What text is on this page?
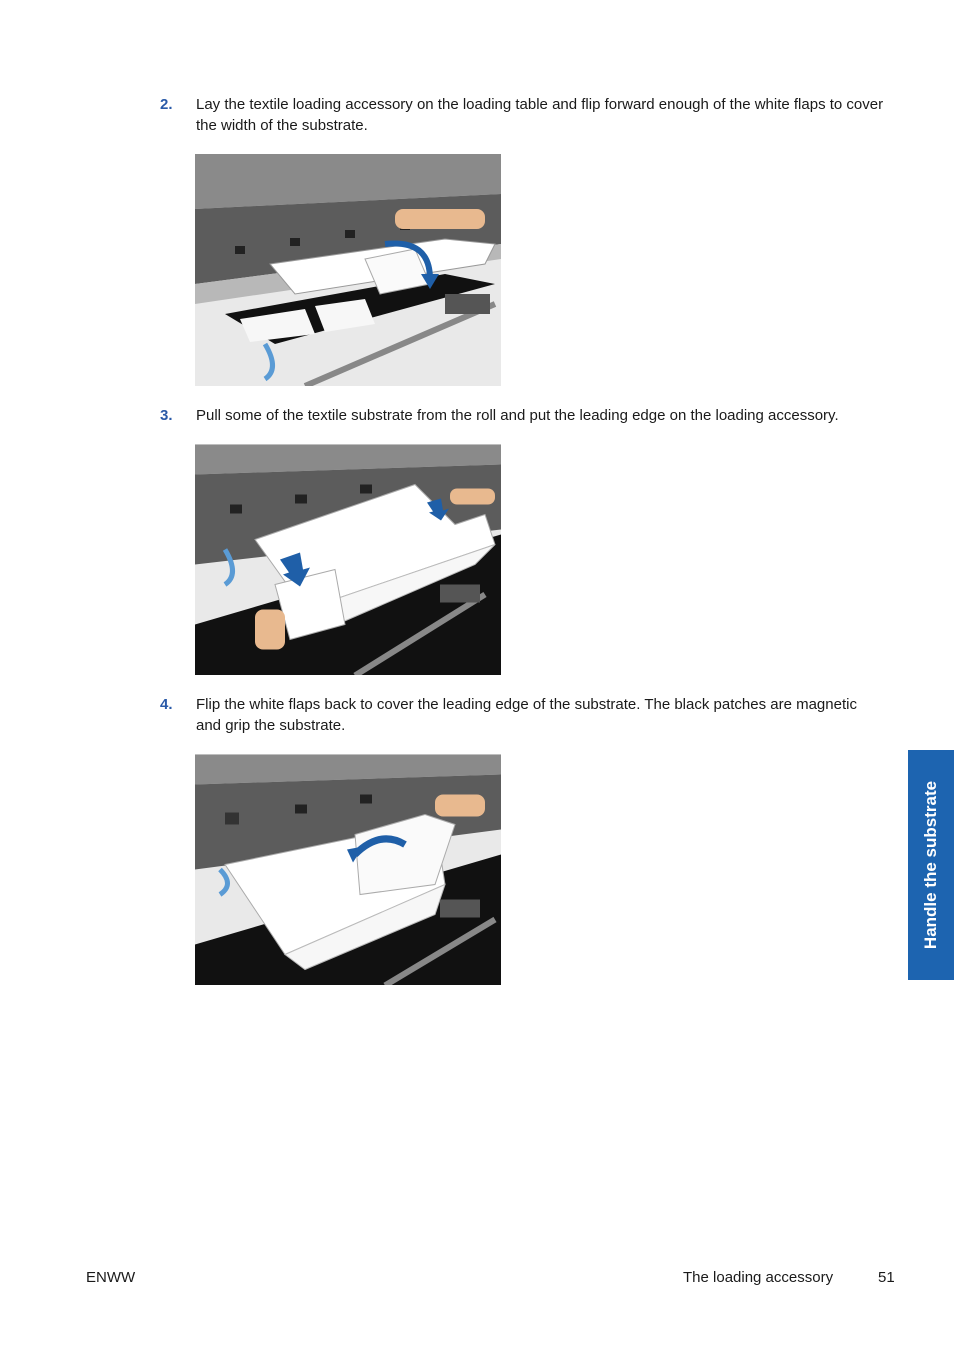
2. Lay the textile loading accessory on the loading table and flip forward enough of the white flaps to cover the width of the substrate.
3. Pull some of the textile substrate from the roll and put the leading edge on the loading accessory.
4. Flip the white flaps back to cover the leading edge of the substrate. The black patches are magnetic and grip the substrate.
Handle the substrate
ENWW	The loading accessory	51
